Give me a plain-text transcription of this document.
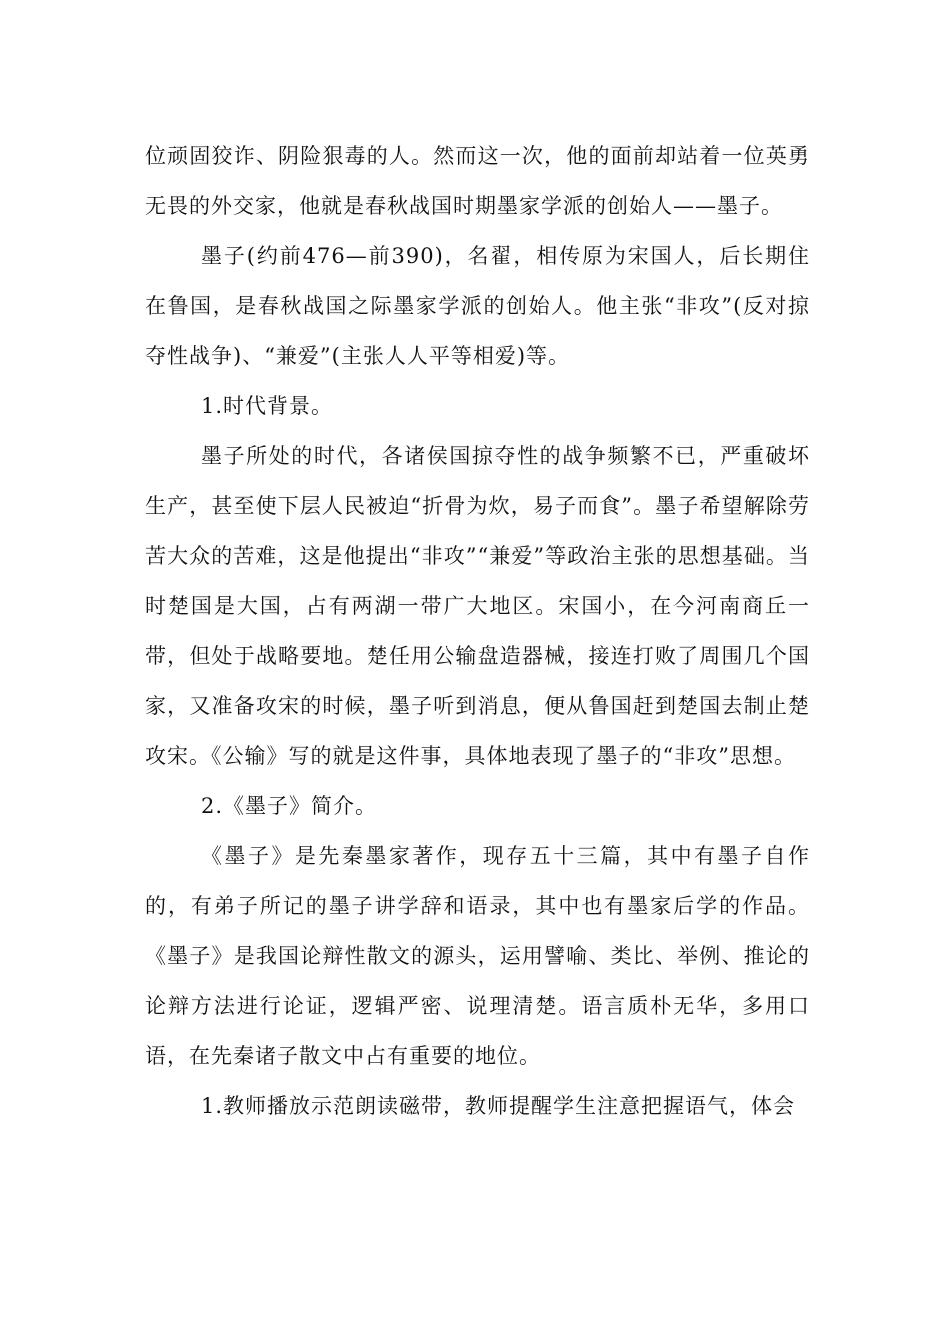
位顽固狡诈、阴险狠毒的人。然而这一次，他的面前却站着一位英勇无畏的外交家，他就是春秋战国时期墨家学派的创始人——墨子。

墨子(约前476—前390)，名翟，相传原为宋国人，后长期住在鲁国，是春秋战国之际墨家学派的创始人。他主张“非攻”(反对掠夺性战争)、“兼爱”(主张人人平等相爱)等。

1.时代背景。

墨子所处的时代，各诸侯国掠夺性的战争频繁不已，严重破坏生产，甚至使下层人民被迫“折骨为炊，易子而食”。墨子希望解除劳苦大众的苦难，这是他提出“非攻”“兼爱”等政治主张的思想基础。当时楚国是大国，占有两湖一带广大地区。宋国小，在今河南商丘一带，但处于战略要地。楚任用公输盘造器械，接连打败了周围几个国家，又准备攻宋的时候，墨子听到消息，便从鲁国赶到楚国去制止楚攻宋。《公输》写的就是这件事，具体地表现了墨子的“非攻”思想。

2.《墨子》简介。

《墨子》是先秦墨家著作，现存五十三篇，其中有墨子自作的，有弟子所记的墨子讲学辞和语录，其中也有墨家后学的作品。《墨子》是我国论辩性散文的源头，运用譬喻、类比、举例、推论的论辩方法进行论证，逻辑严密、说理清楚。语言质朴无华，多用口语，在先秦诸子散文中占有重要的地位。

1.教师播放示范朗读磁带，教师提醒学生注意把握语气，体会
